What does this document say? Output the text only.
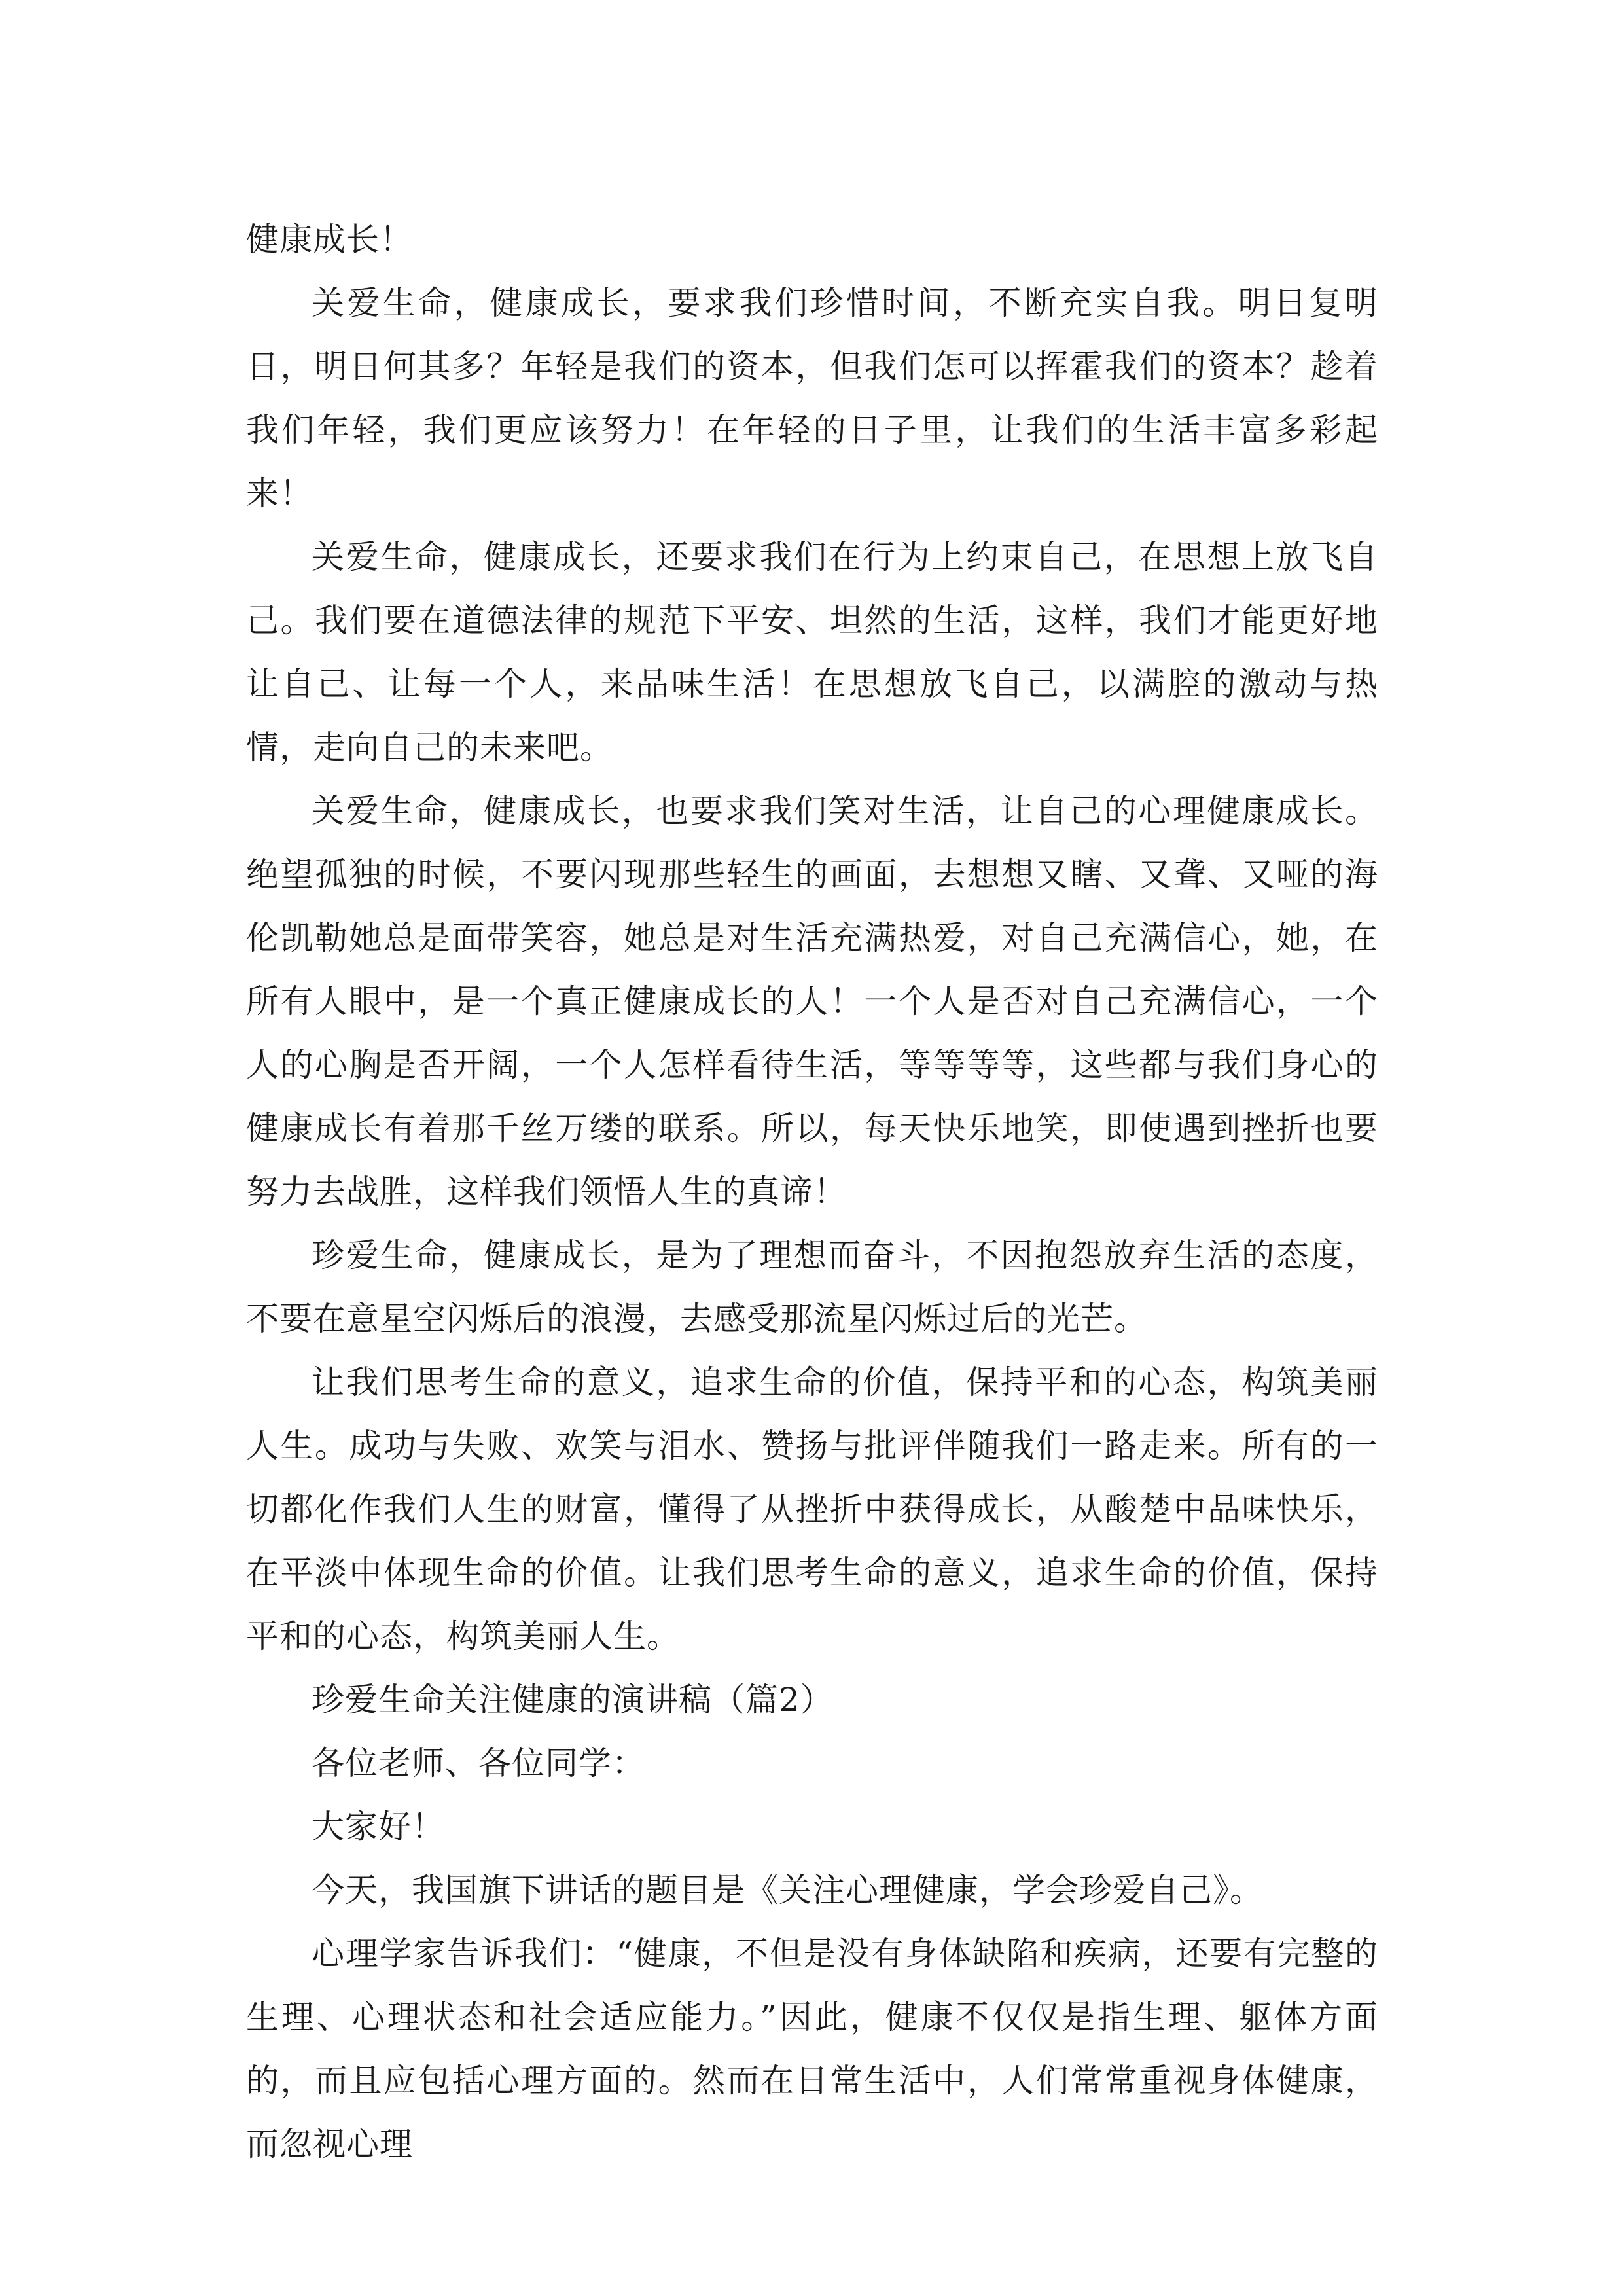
健康成长！

关爱生命，健康成长，要求我们珍惜时间，不断充实自我。明日复明日，明日何其多？年轻是我们的资本，但我们怎可以挥霍我们的资本？趁着我们年轻，我们更应该努力！在年轻的日子里，让我们的生活丰富多彩起来！

关爱生命，健康成长，还要求我们在行为上约束自己，在思想上放飞自己。我们要在道德法律的规范下平安、坦然的生活，这样，我们才能更好地让自己、让每一个人，来品味生活！在思想放飞自己，以满腔的激动与热情，走向自己的未来吧。

关爱生命，健康成长，也要求我们笑对生活，让自己的心理健康成长。绝望孤独的时候，不要闪现那些轻生的画面，去想想又瞎、又聋、又哑的海伦凯勒她总是面带笑容，她总是对生活充满热爱，对自己充满信心，她，在所有人眼中，是一个真正健康成长的人！一个人是否对自己充满信心，一个人的心胸是否开阔，一个人怎样看待生活，等等等等，这些都与我们身心的健康成长有着那千丝万缕的联系。所以，每天快乐地笑，即使遇到挫折也要努力去战胜，这样我们领悟人生的真谛！

珍爱生命，健康成长，是为了理想而奋斗，不因抱怨放弃生活的态度，不要在意星空闪烁后的浪漫，去感受那流星闪烁过后的光芒。

让我们思考生命的意义，追求生命的价值，保持平和的心态，构筑美丽人生。成功与失败、欢笑与泪水、赞扬与批评伴随我们一路走来。所有的一切都化作我们人生的财富，懂得了从挫折中获得成长，从酸楚中品味快乐，在平淡中体现生命的价值。让我们思考生命的意义，追求生命的价值，保持平和的心态，构筑美丽人生。

珍爱生命关注健康的演讲稿（篇2）

各位老师、各位同学：

大家好！

今天，我国旗下讲话的题目是《关注心理健康，学会珍爱自己》。

心理学家告诉我们：“健康，不但是没有身体缺陷和疾病，还要有完整的生理、心理状态和社会适应能力。”因此，健康不仅仅是指生理、躯体方面的，而且应包括心理方面的。然而在日常生活中，人们常常重视身体健康，而忽视心理
